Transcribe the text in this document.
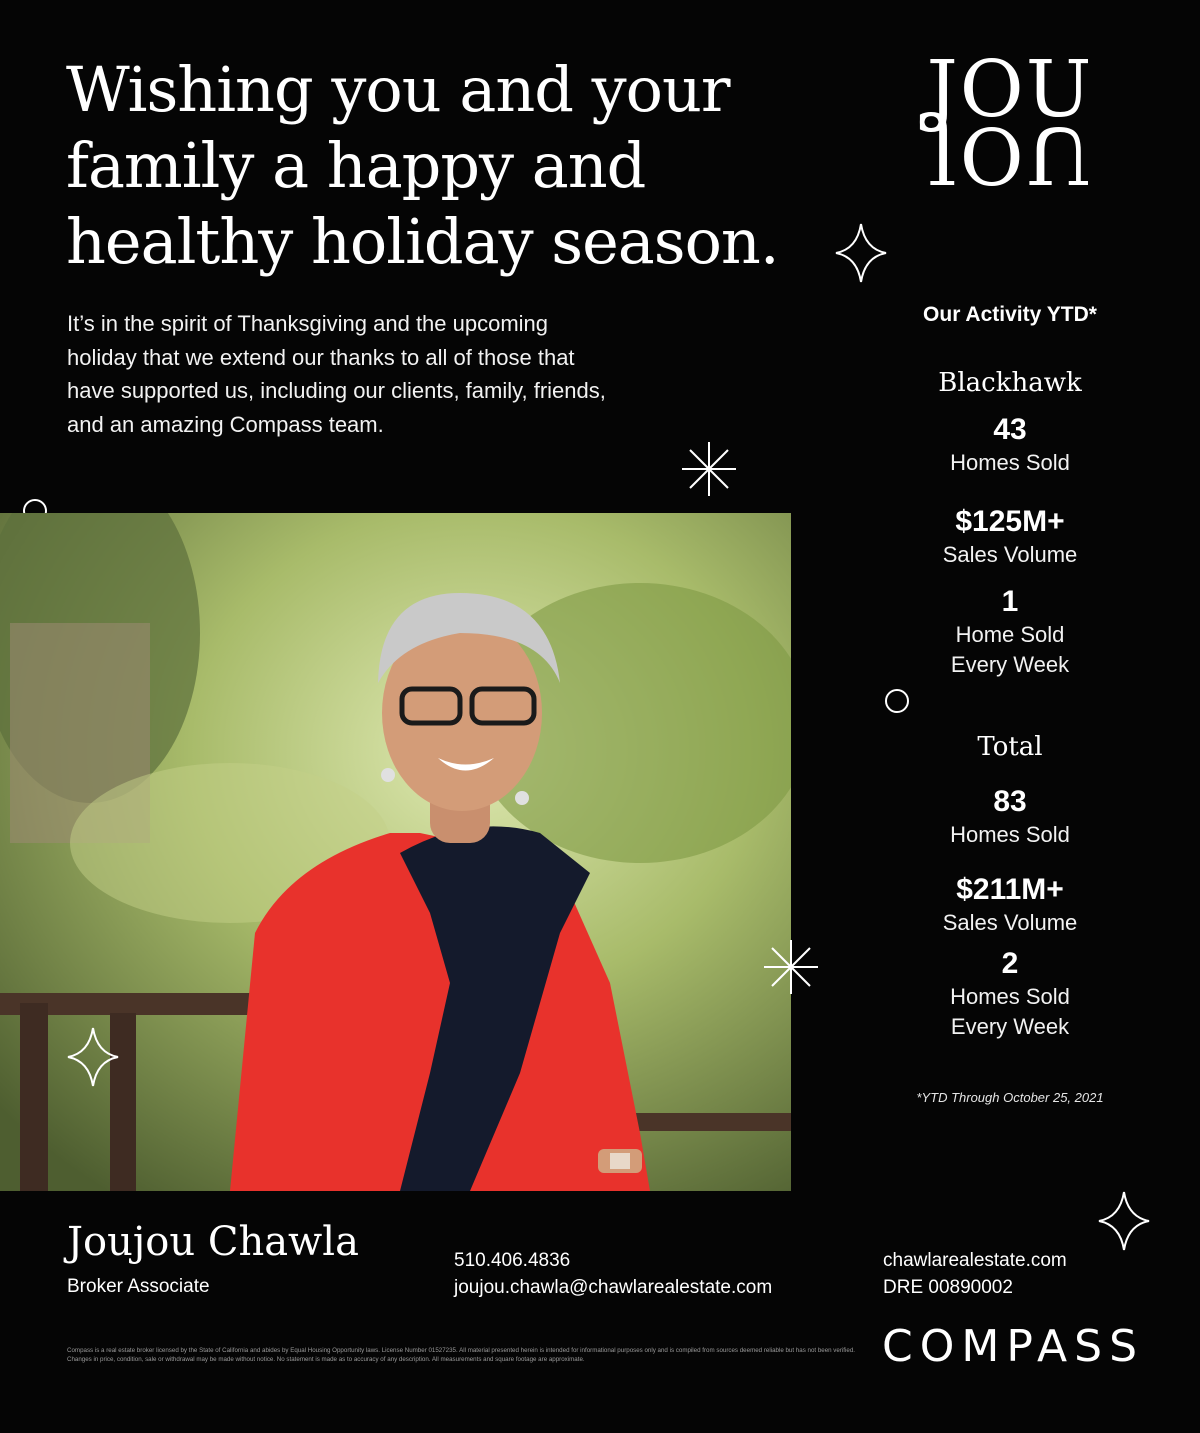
Wishing you and your family a happy and healthy holiday season.

It’s in the spirit of Thanksgiving and the upcoming holiday that we extend our thanks to all of those that have supported us, including our clients, family, friends, and an amazing Compass team.

JOU
JOU
Our Activity YTD*
Blackhawk
43
Homes Sold
$125M+
Sales Volume
1
Home Sold
Every Week
Total
83
Homes Sold
$211M+
Sales Volume
2
Homes Sold
Every Week
*YTD Through October 25, 2021
Joujou Chawla
Broker Associate
510.406.4836
joujou.chawla@chawlarealestate.com
chawlarealestate.com
DRE 00890002
COMPASS

Compass is a real estate broker licensed by the State of California and abides by Equal Housing Opportunity laws. License Number 01527235. All material presented herein is intended for informational purposes only and is compiled from sources deemed reliable but has not been verified. Changes in price, condition, sale or withdrawal may be made without notice. No statement is made as to accuracy of any description. All measurements and square footage are approximate.
